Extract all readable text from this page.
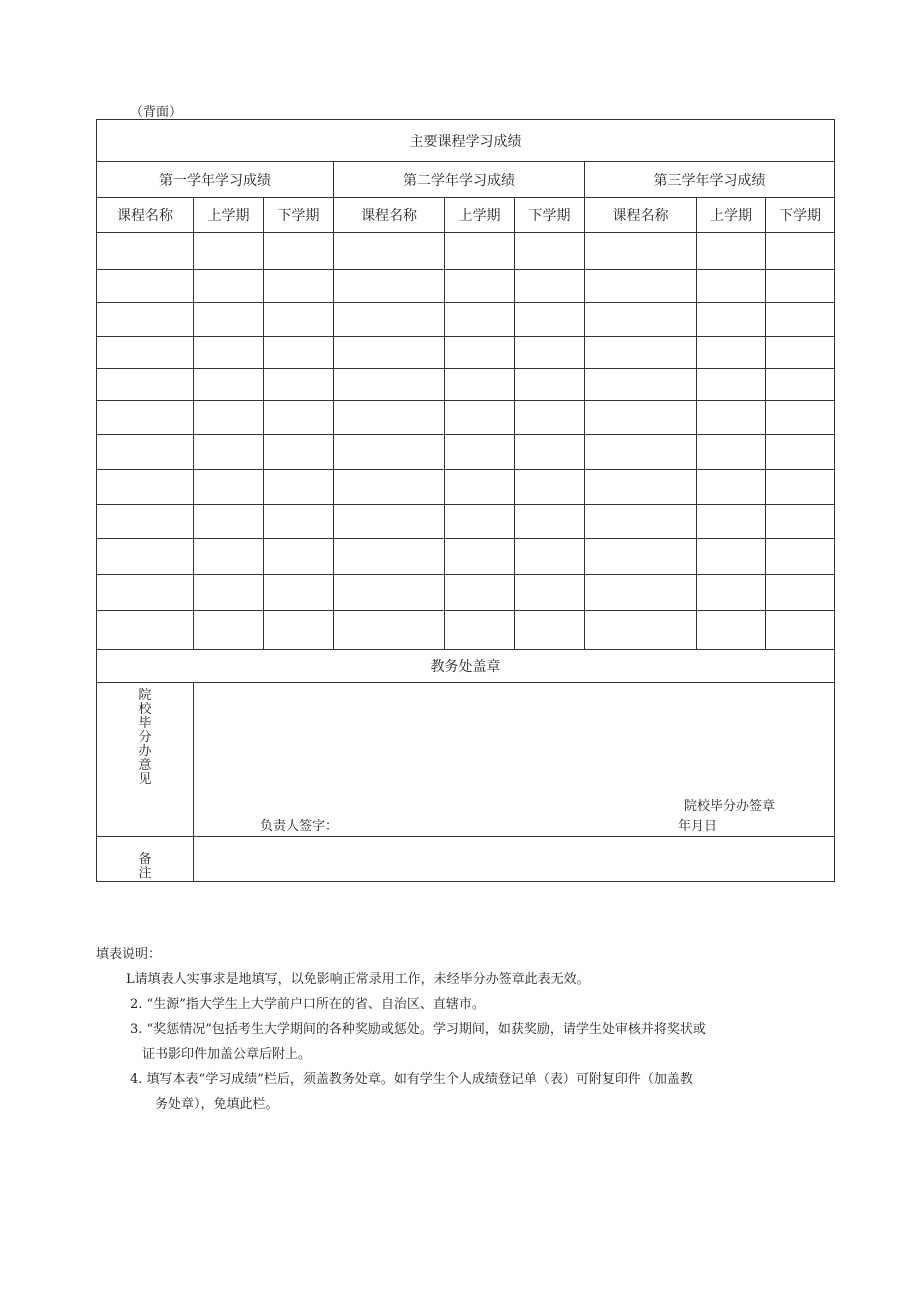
（背面）
主要课程学习成绩								
第一学年学习成绩			第二学年学习成绩			第三学年学习成绩		
课程名称	上学期	下学期	课程名称	上学期	下学期	课程名称	上学期	下学期

教务处盖章								

院校毕分办意见	院校毕分办签章
负责人签字： 年月日							

备注								

填表说明：

L请填表人实事求是地填写，以免影响正常录用工作，未经毕分办签章此表无效。

2. “生源”指大学生上大学前户口所在的省、自治区、直辖市。

3. “奖惩情况”包括考生大学期间的各种奖励或惩处。学习期间，如获奖励，请学生处审核并将奖状或
证书影印件加盖公章后附上。

4. 填写本表“学习成绩”栏后，须盖教务处章。如有学生个人成绩登记单（表）可附复印件（加盖教
务处章），免填此栏。
